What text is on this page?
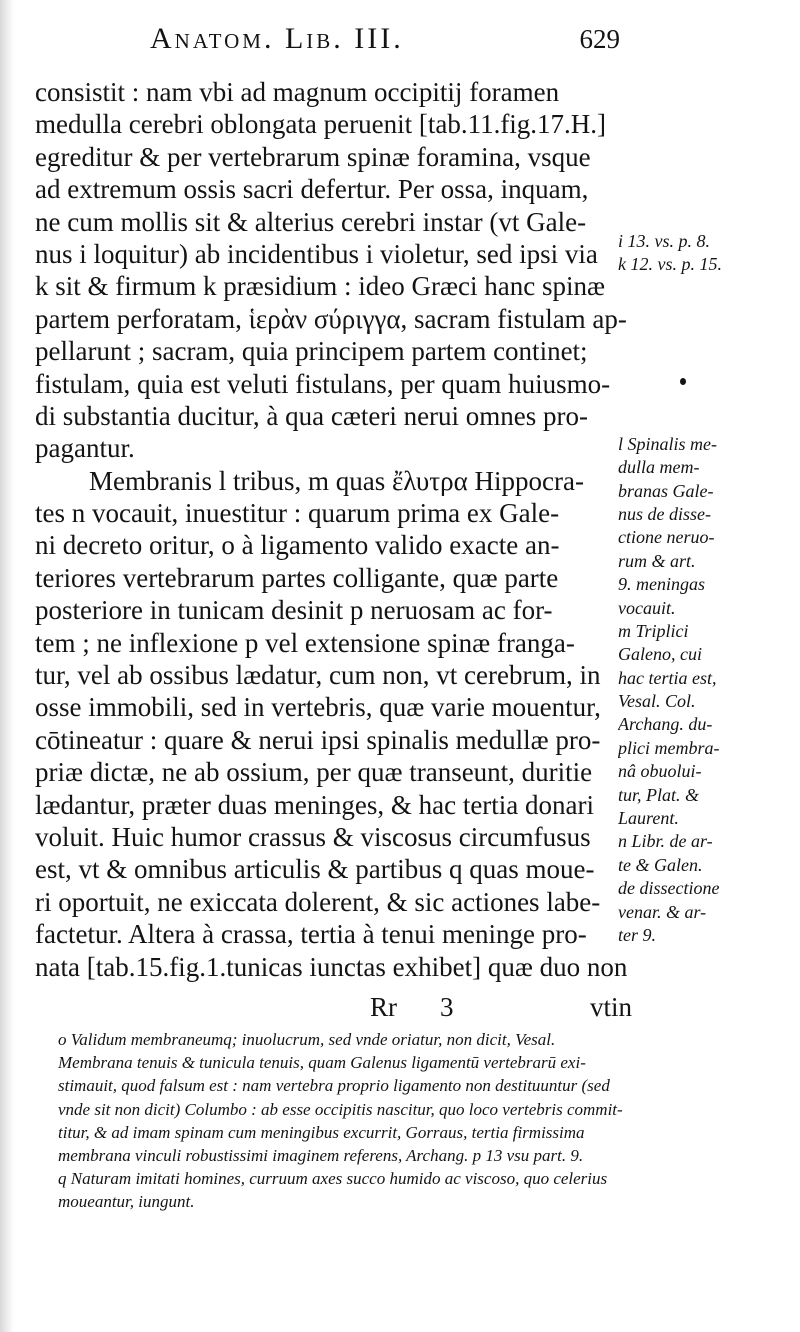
Anatom. Lib. III.	629
consistit : nam vbi ad magnum occipitij foramen
medulla cerebri oblongata peruenit [tab.11.fig.17.H.]
egreditur & per vertebrarum spinæ foramina, vsque
ad extremum ossis sacri defertur. Per ossa, inquam,
ne cum mollis sit & alterius cerebri instar (vt Gale-
nus i loquitur) ab incidentibus i violetur, sed ipsi via
k sit & firmum k præsidium : ideo Græci hanc spinæ
partem perforatam, ἱερὰν σύριγγα, sacram fistulam ap-
pellarunt ; sacram, quia principem partem continet;
fistulam, quia est veluti fistulans, per quam huiusmo-
di substantia ducitur, à qua cæteri nerui omnes pro-
pagantur.
Membranis l tribus, m quas ἔλυτρα Hippocra-
tes n vocauit, inuestitur : quarum prima ex Gale-
ni decreto oritur, o à ligamento valido exacte an-
teriores vertebrarum partes colligante, quæ parte
posteriore in tunicam desinit p neruosam ac for-
tem ; ne inflexione p vel extensione spinæ franga-
tur, vel ab ossibus lædatur, cum non, vt cerebrum, in
osse immobili, sed in vertebris, quæ varie mouentur,
cōtineatur : quare & nerui ipsi spinalis medullæ pro-
priæ dictæ, ne ab ossium, per quæ transeunt, duritie
lædantur, præter duas meninges, & hac tertia donari
voluit. Huic humor crassus & viscosus circumfusus
est, vt & omnibus articulis & partibus q quas moue-
ri oportuit, ne exiccata dolerent, & sic actiones labe-
factetur. Altera à crassa, tertia à tenui meninge pro-
nata [tab.15.fig.1.tunicas iunctas exhibet] quæ duo non
Rr 3	vtin
i 13. vs. p. 8.
k 12. vs. p. 15.
l Spinalis me-
dulla mem-
branas Gale-
nus de disse-
ctione neruo-
rum & art.
9. meningas
vocauit.
m Triplici
Galeno, cui
hac tertia est,
Vesal. Col.
Archang. du-
plici membra-
nâ obuolui-
tur, Plat. &
Laurent.
n Libr. de ar-
te & Galen.
de dissectione
venar. & ar-
ter 9.
o Validum membraneumq; inuolucrum, sed vnde oriatur, non dicit, Vesal.
Membrana tenuis & tunicula tenuis, quam Galenus ligamentū vertebrarū exi-
stimauit, quod falsum est : nam vertebra proprio ligamento non destituuntur (sed
vnde sit non dicit) Columbo : ab esse occipitis nascitur, quo loco vertebris commit-
titur, & ad imam spinam cum meningibus excurrit, Gorraus, tertia firmissima
membrana vinculi robustissimi imaginem referens, Archang. p 13 vsu part. 9.
q Naturam imitati homines, curruum axes succo humido ac viscoso, quo celerius
moueantur, iungunt.
